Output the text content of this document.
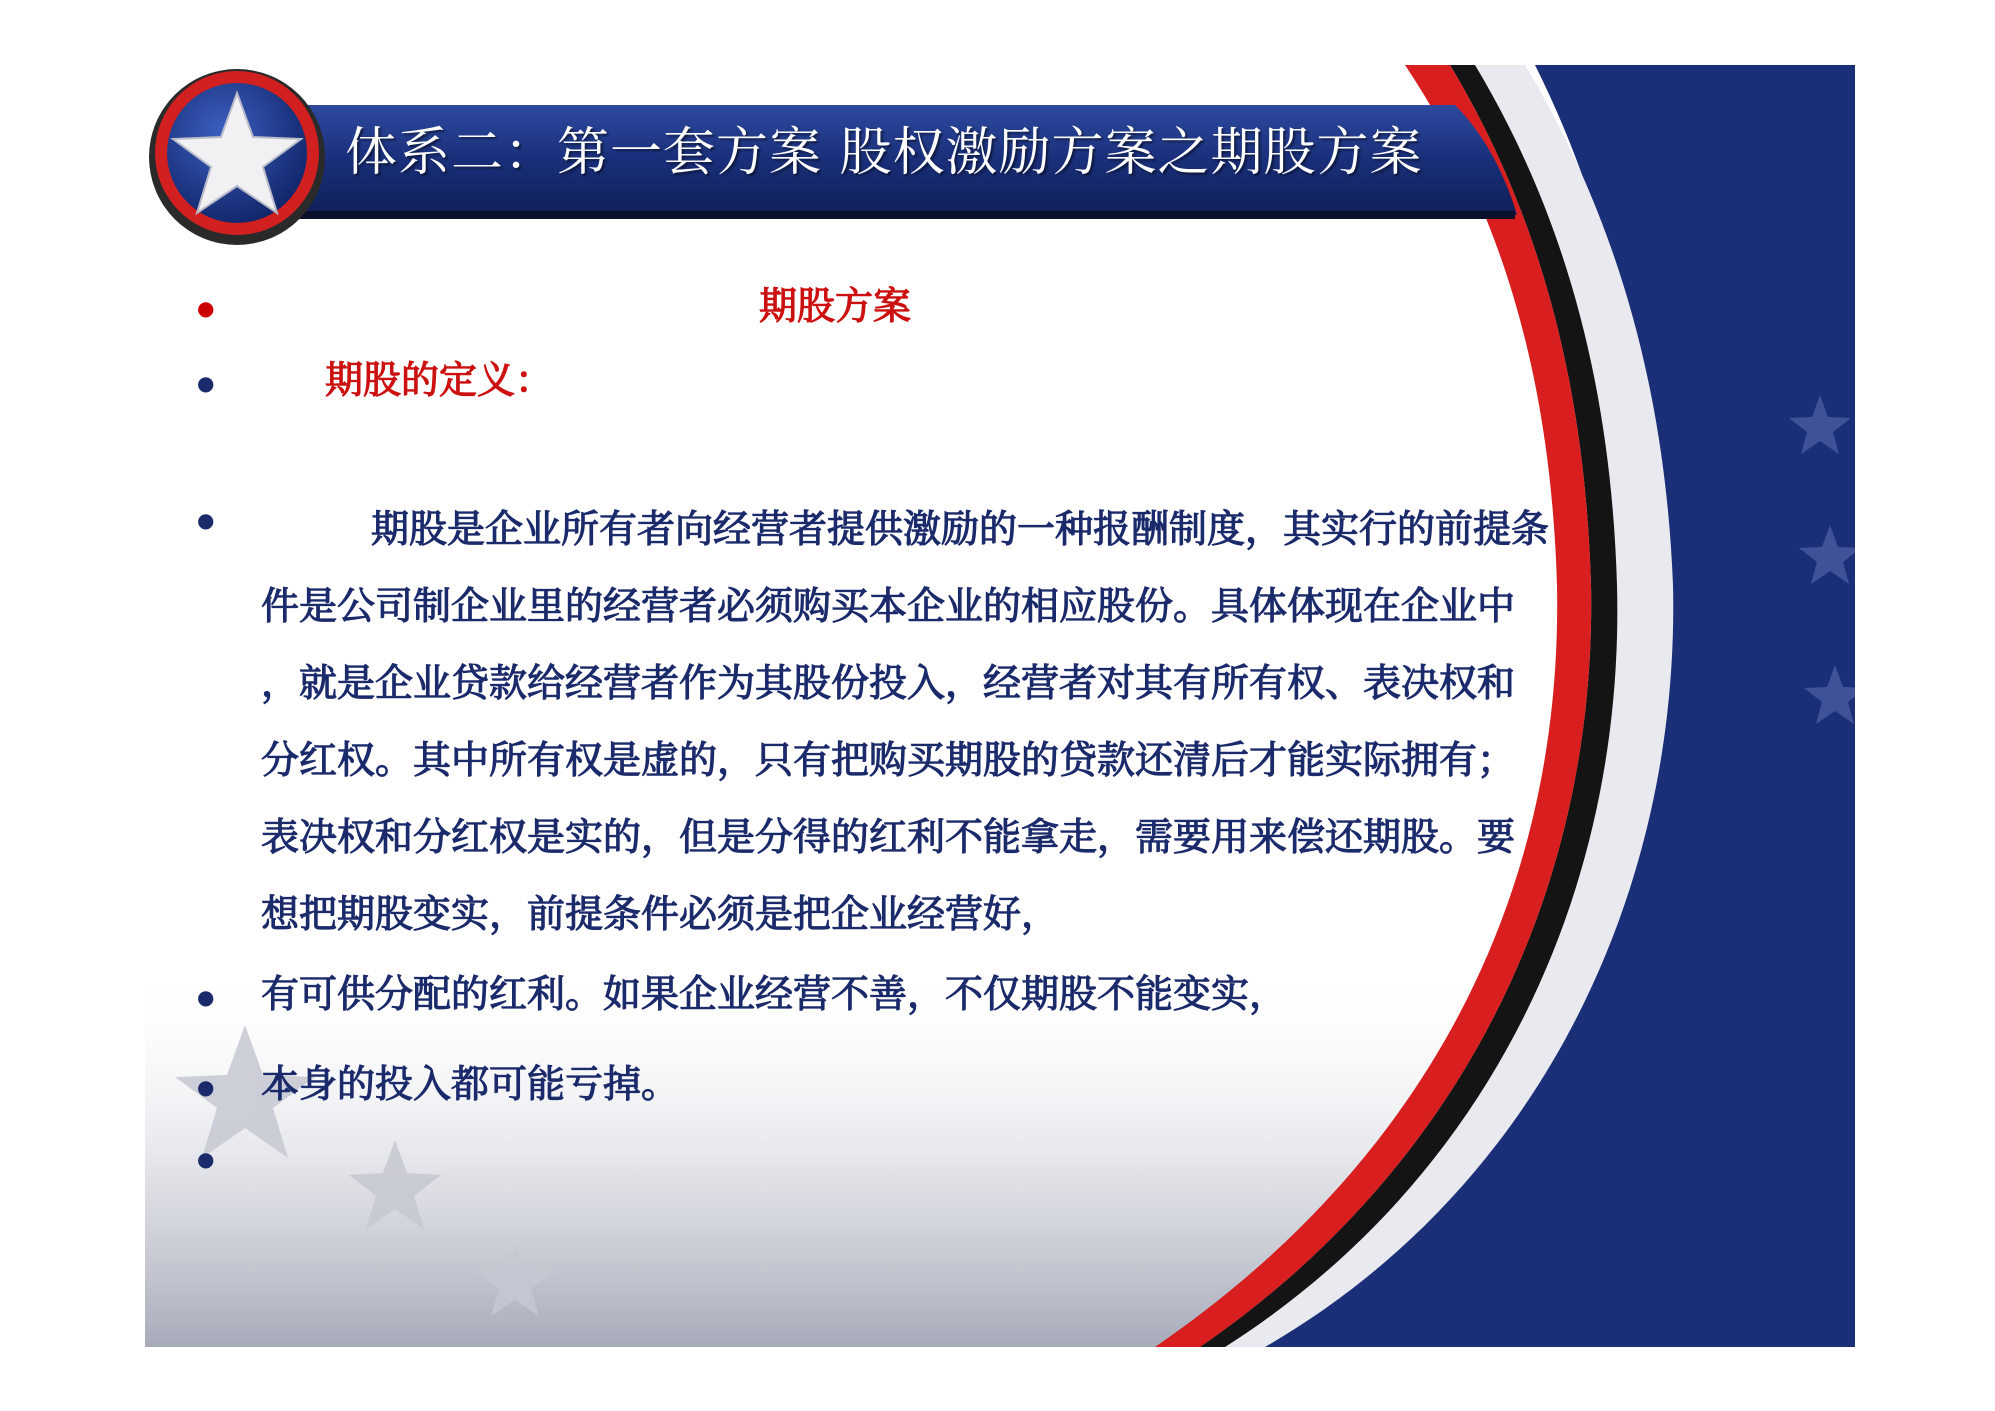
体系二：第一套方案 股权激励方案之期股方案
●	期股方案
●	期股的定义：
●	期股是企业所有者向经营者提供激励的一种报酬制度，其实行的前提条
件是公司制企业里的经营者必须购买本企业的相应股份。具体体现在企业中
，就是企业贷款给经营者作为其股份投入，经营者对其有所有权、表决权和
分红权。其中所有权是虚的，只有把购买期股的贷款还清后才能实际拥有；
表决权和分红权是实的，但是分得的红利不能拿走，需要用来偿还期股。要
想把期股变实，前提条件必须是把企业经营好，
● 有可供分配的红利。如果企业经营不善，不仅期股不能变实，
● 本身的投入都可能亏掉。
●
